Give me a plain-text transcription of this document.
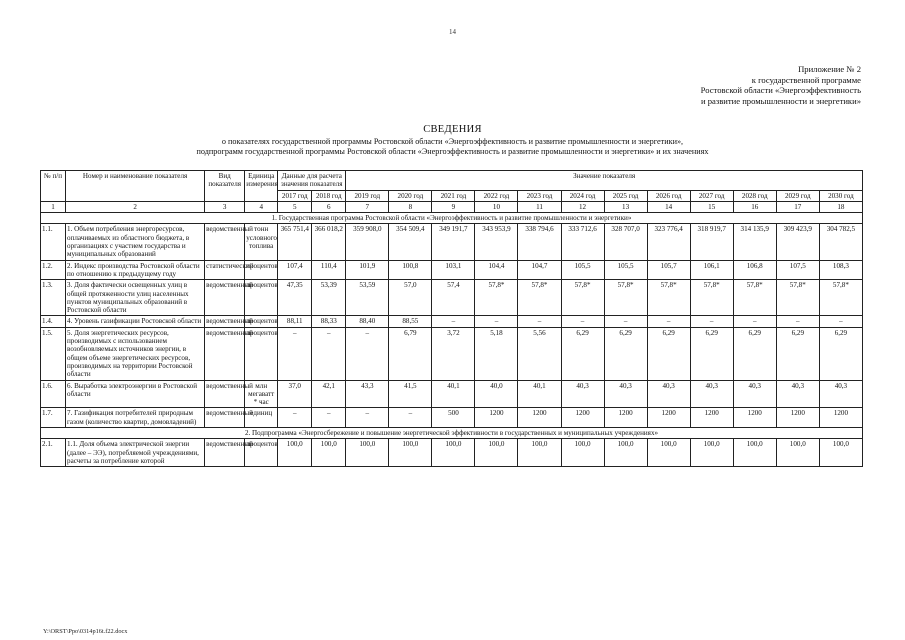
14
Приложение № 2
к государственной программе
Ростовской области «Энергоэффективность
и развитие промышленности и энергетики»
СВЕДЕНИЯ
о показателях государственной программы Ростовской области «Энергоэффективность и развитие промышленности и энергетики»,
подпрограмм государственной программы Ростовской области «Энергоэффективность и развитие промышленности и энергетики» и их значениях
№ п/п	Номер и наименование показателя	Вид показателя	Единица измерения	Данные для расчета значения показателя		Значение показателя											
				2017 год	2018 год	2019 год	2020 год	2021 год	2022 год	2023 год	2024 год	2025 год	2026 год	2027 год	2028 год	2029 год	2030 год
1	2	3	4	5	6	7	8	9	10	11	12	13	14	15	16	17	18
1. Государственная программа Ростовской области «Энергоэффективность и развитие промышленности и энергетики»																	
1.1.	1. Объем потребления энергоресурсов, оплачиваемых из областного бюджета, в организациях с участием государства и муниципальных образований	ведомственный	тонн условного топлива	365 751,4	366 018,2	359 908,0	354 509,4	349 191,7	343 953,9	338 794,6	333 712,6	328 707,0	323 776,4	318 919,7	314 135,9	309 423,9	304 782,5
1.2.	2. Индекс производства Ростовской области по отношению к предыдущему году	статистический	процентов	107,4	110,4	101,9	100,8	103,1	104,4	104,7	105,5	105,5	105,7	106,1	106,8	107,5	108,3
1.3.	3. Доля фактически освещенных улиц в общей протяженности улиц населенных пунктов муниципальных образований в Ростовской области	ведомственный	процентов	47,35	53,39	53,59	57,0	57,4	57,8*	57,8*	57,8*	57,8*	57,8*	57,8*	57,8*	57,8*	57,8*
1.4.	4. Уровень газификации Ростовской области	ведомственный	процентов	88,11	88,33	88,40	88,55	–	–	–	–	–	–	–	–	–	–
1.5.	5. Доля энергетических ресурсов, производимых с использованием возобновляемых источников энергии, в общем объеме энергетических ресурсов, производимых на территории Ростовской области	ведомственный	процентов	–	–	–	6,79	3,72	5,18	5,56	6,29	6,29	6,29	6,29	6,29	6,29	6,29
1.6.	6. Выработка электроэнергии в Ростовской области	ведомственный	млн мегаватт * час	37,0	42,1	43,3	41,5	40,1	40,0	40,1	40,3	40,3	40,3	40,3	40,3	40,3	40,3
1.7.	7. Газификация потребителей природным газом (количество квартир, домовладений)	ведомственный	единиц	–	–	–	–	500	1200	1200	1200	1200	1200	1200	1200	1200	1200
2. Подпрограмма «Энергосбережение и повышение энергетической эффективности в государственных и муниципальных учреждениях»																	
2.1.	1.1. Доля объема электрической энергии (далее – ЭЭ), потребляемой учреждениями, расчеты за потребление которой	ведомственный	процентов	100,0	100,0	100,0	100,0	100,0	100,0	100,0	100,0	100,0	100,0	100,0	100,0	100,0	100,0
Y:\ORST\Ppo\0314p16t.f22.docx
